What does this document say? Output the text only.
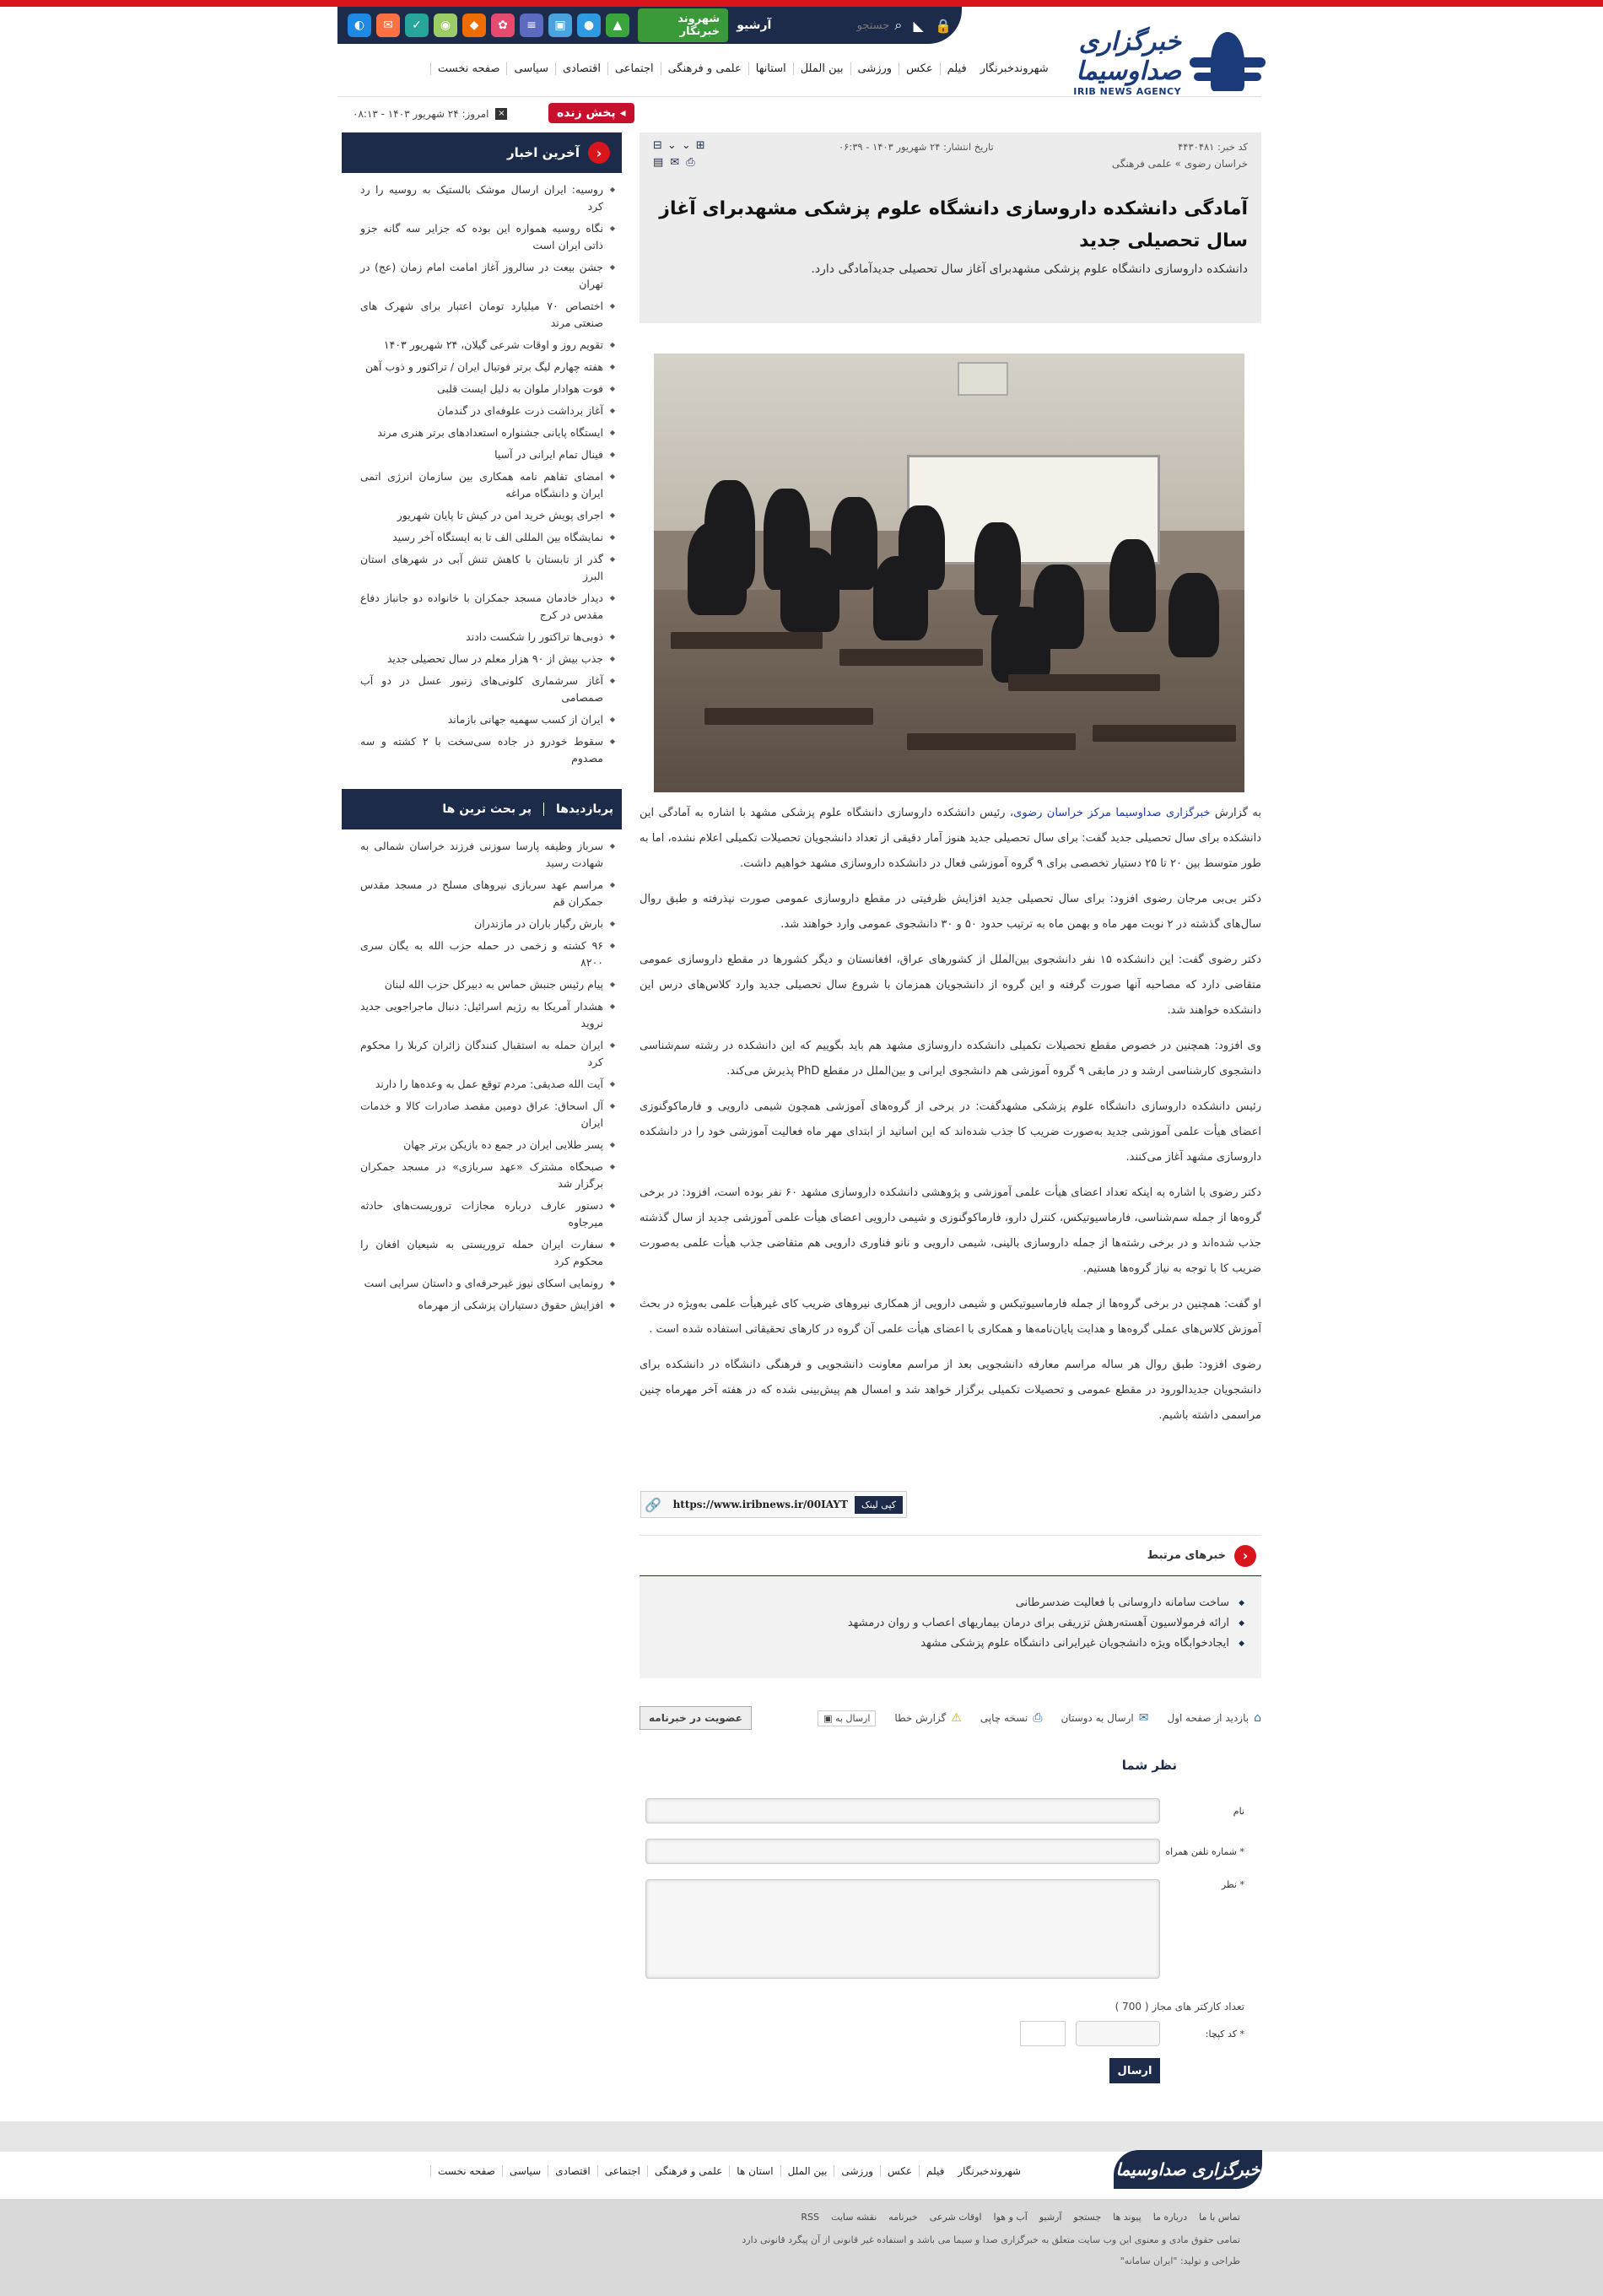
🔒
◣
⌕
جستجو
آرشیو
شهروند خبرنگار
▲
●
▣
≡
✿
◆
◉
✓
✉
◐
خبرگزاری صداوسیما
IRIB NEWS AGENCY
صفحه نخست	سیاسی	اقتصادی	اجتماعی	علمی و فرهنگی	استانها	بین الملل	ورزشی	عکس	فیلم	شهروندخبرنگار
×
امروز: ۲۴ شهریور ۱۴۰۳ - ۰۸:۱۳	◂ پخش زنده
‹
آخرین اخبار
◆ روسیه: ایران ارسال موشک بالستیک به روسیه را رد کرد
◆ نگاه روسیه همواره این بوده که جزایر سه گانه جزو ذاتی ایران است
◆ جشن بیعت در سالروز آغاز امامت امام زمان (عج) در تهران
◆ اختصاص ۷۰ میلیارد تومان اعتبار برای شهرک های صنعتی مرند
◆ تقویم روز و اوقات شرعی گیلان، ۲۴ شهریور ۱۴۰۳
◆ هفته چهارم لیگ برتر فوتبال ایران / تراکتور و ذوب آهن
◆ فوت هوادار ملوان به دلیل ایست قلبی
◆ آغاز برداشت ذرت علوفه‌ای در گندمان
◆ ایستگاه پایانی جشنواره استعدادهای برتر هنری مرند
◆ فینال تمام ایرانی در آسیا
◆ امضای تفاهم نامه همکاری بین سازمان انرژی اتمی ایران و دانشگاه مراغه
◆ اجرای پویش خرید امن در کیش تا پایان شهریور
◆ نمایشگاه بین المللی الف تا به ایستگاه آخر رسید
◆ گذر از تابستان با کاهش تنش آبی در شهرهای استان البرز
◆ دیدار خادمان مسجد جمکران با خانواده دو جانباز دفاع مقدس در کرج
◆ ذوبی‌ها تراکتور را شکست دادند
◆ جذب بیش از ۹۰ هزار معلم در سال تحصیلی جدید
◆ آغاز سرشماری کلونی‌های زنبور عسل در دو آب صمصامی
◆ ایران از کسب سهمیه جهانی بازماند
◆ سقوط خودرو در جاده سی‌سخت با ۲ کشته و سه مصدوم
پربازدیدها
پر بحث ترین ها
◆ سرباز وظیفه پارسا سوزنی فرزند خراسان شمالی به شهادت رسید
◆ مراسم عهد سربازی نیروهای مسلح در مسجد مقدس جمکران قم
◆ بارش رگبار باران در مازندران
◆ ۹۶ کشته و زخمی در حمله حزب الله به یگان سری ۸۲۰۰
◆ پیام رئیس جنبش حماس به دبیرکل حزب الله لبنان
◆ هشدار آمریکا به رژیم اسرائیل: دنبال ماجراجویی جدید نروید
◆ ایران حمله به استقبال کنندگان زائران کربلا را محکوم کرد
◆ آیت الله صدیقی: مردم توقع عمل به وعده‌ها را دارند
◆ آل اسحاق: عراق دومین مقصد صادرات کالا و خدمات ایران
◆ پسر طلایی ایران در جمع ده بازیکن برتر جهان
◆ صبحگاه مشترک «عهد سربازی» در مسجد جمکران برگزار شد
◆ دستور عارف درباره مجازات تروریست‌های حادثه میرجاوه
◆ سفارت ایران حمله تروریستی به شیعیان افغان را محکوم کرد
◆ رونمایی اسکای نیوز غیرحرفه‌ای و داستان سرایی است
◆ افزایش حقوق دستیاران پزشکی از مهرماه
کد خبر: ۴۴۳۰۴۸۱
تاریخ انتشار: ۲۴ شهریور ۱۴۰۳ - ۰۶:۳۹
خراسان رضوی » علمی فرهنگی
⊞
⌄
⌄
⊟
⎙
✉
▤
آمادگی دانشکده داروسازی دانشگاه علوم پزشکی مشهدبرای آغاز سال تحصیلی جدید

دانشکده داروسازی دانشگاه علوم پزشکی مشهدبرای آغاز سال تحصیلی جدیدآمادگی دارد.

به گزارش خبرگزاری صداوسیما مرکز خراسان رضوی، رئیس دانشکده داروسازی دانشگاه علوم پزشکی مشهد با اشاره به آمادگی این دانشکده برای سال تحصیلی جدید گفت: برای سال تحصیلی جدید هنوز آمار دقیقی از تعداد دانشجویان تحصیلات تکمیلی اعلام نشده، اما به طور متوسط بین ۲۰ تا ۲۵ دستیار تخصصی برای ۹ گروه آموزشی فعال در دانشکده داروسازی مشهد خواهیم داشت.

دکتر بی‌بی مرجان رضوی افزود: برای سال تحصیلی جدید افزایش ظرفیتی در مقطع داروسازی عمومی صورت نپذرفته و طبق روال سال‌های گذشته در ۲ نوبت مهر ماه و بهمن ماه به ترتیب حدود ۵۰ و ۳۰ دانشجوی عمومی وارد خواهند شد.

دکتر رضوی گفت: این دانشکده ۱۵ نفر دانشجوی بین‌الملل از کشورهای عراق، افغانستان و دیگر کشورها در مقطع داروسازی عمومی متقاضی دارد که مصاحبه آنها صورت گرفته و این گروه از دانشجویان همزمان با شروع سال تحصیلی جدید وارد کلاس‌های درس این دانشکده خواهند شد.

وی افزود: همچنین در خصوص مقطع تحصیلات تکمیلی دانشکده داروسازی مشهد هم باید بگوییم که این دانشکده در رشته سم‌شناسی دانشجوی کارشناسی ارشد و در مابقی ۹ گروه آموزشی هم دانشجوی ایرانی و بین‌الملل در مقطع PhD پذیرش می‌کند.

رئیس دانشکده داروسازی دانشگاه علوم پزشکی مشهدگفت: در برخی از گروه‌های آموزشی همچون شیمی دارویی و فارماکوگنوزی اعضای هیأت علمی آموزشی جدید به‌صورت ضریب کا جذب شده‌اند که این اساتید از ابتدای مهر ماه فعالیت آموزشی خود را در دانشکده داروسازی مشهد آغاز می‌کنند.

دکتر رضوی با اشاره به اینکه تعداد اعضای هیأت علمی آموزشی و پژوهشی دانشکده داروسازی مشهد ۶۰ نفر بوده است، افزود: در برخی گروه‌ها از جمله سم‌شناسی، فارماسیوتیکس، کنترل دارو، فارماکوگنوزی و شیمی دارویی اعضای هیأت علمی آموزشی جدید از سال گذشته جذب شده‌اند و در برخی رشته‌ها از جمله داروسازی بالینی، شیمی دارویی و نانو فناوری دارویی هم متقاضی جذب هیأت علمی به‌صورت ضریب کا با توجه به نیاز گروه‌ها هستیم.

او گفت: همچنین در برخی گروه‌ها از جمله فارماسیوتیکس و شیمی دارویی از همکاری نیروهای ضریب کای غیرهیأت علمی به‌ویژه در بحث آموزش کلاس‌های عملی گروه‌ها و هدایت پایان‌نامه‌ها و همکاری با اعضای هیأت علمی آن گروه در کارهای تحقیقاتی استفاده شده است .

رضوی افزود: طبق روال هر ساله مراسم معارفه دانشجویی بعد از مراسم معاونت دانشجویی و فرهنگی دانشگاه در دانشکده برای دانشجویان جدیدالورود در مقطع عمومی و تحصیلات تکمیلی برگزار خواهد شد و امسال هم پیش‌بینی شده که در هفته آخر مهرماه چنین مراسمی داشته باشیم.

کپی لینک
https://www.iribnews.ir/00IAYT
🔗
‹
خبرهای مرتبط
◆ ساخت سامانه داروسانی با فعالیت ضدسرطانی
◆ ارائه فرمولاسیون آهسته‌رهش تزریقی برای درمان بیماریهای اعصاب و روان درمشهد
◆ ایجادخوابگاه ویژه دانشجویان غیرایرانی دانشگاه علوم پزشکی مشهد
⌂
بازدید از صفحه اول
✉
ارسال به دوستان
⎙
نسخه چاپی
⚠
گزارش خطا
ارسال به ▣
عضویت در خبرنامه
نظر شما
نام
* شماره تلفن همراه
* نظر
تعداد کارکتر های مجاز ( 700 )
* کد کپچا:
ارسال
خبرگزاری صداوسیما
صفحه نخست	سیاسی	اقتصادی	اجتماعی	علمی و فرهنگی	استان ها	بین الملل	ورزشی	عکس	فیلم	شهروندخبرنگار
تماس با ما
درباره ما
پیوند ها
جستجو
آرشیو
آب و هوا
اوقات شرعی
خبرنامه
نقشه سایت
RSS
تمامی حقوق مادی و معنوی این وب سایت متعلق به خبرگزاری صدا و سیما می باشد و استفاده غیر قانونی از آن پیگرد قانونی دارد
طراحی و تولید: "ایران سامانه"
